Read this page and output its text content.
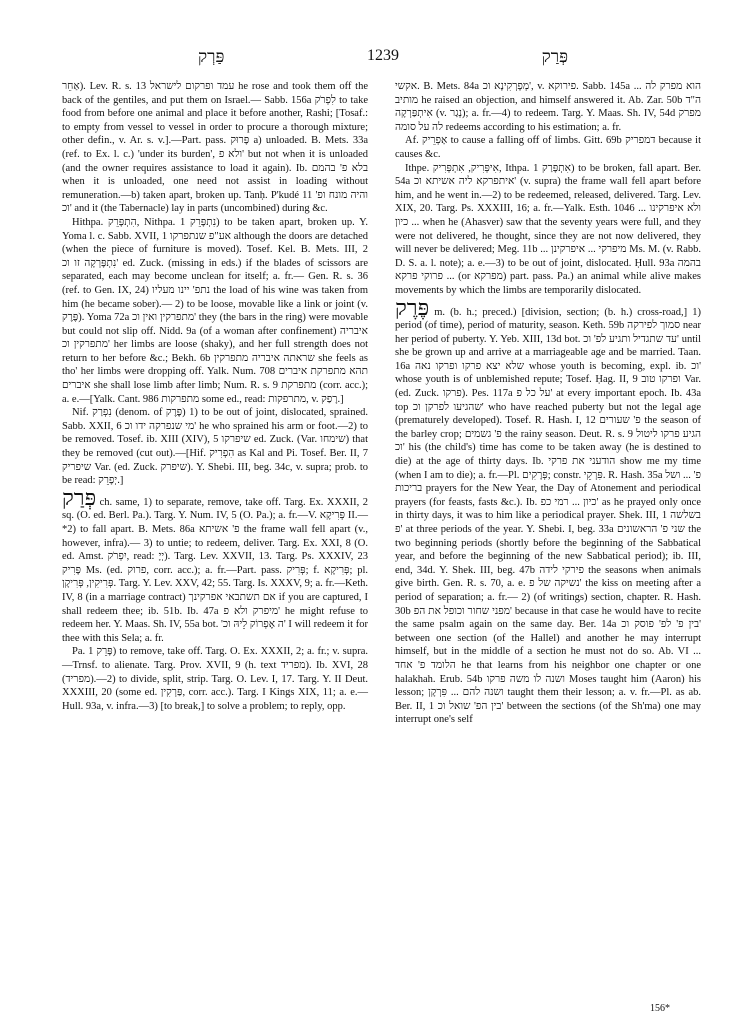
פַּרְק	1239	פְּרַק

אַחֵר). Lev. R. s. 13 עמד ופרקום לישראל he rose and took them off the back of the gentiles, and put them on Israel.— Sabb. 156a לִפְרֹק to take food from before one animal and place it before another, Rashi; [Tosaf.: to empty from vessel to vessel in order to procure a thorough mixture; other defin., v. Ar. s. v.].—Part. pass. פָּרוּק a) unloaded. B. Mets. 33a (ref. to Ex. l. c.) 'under its burden', ולא פ' but not when it is unloaded (and the owner requires assistance to load it again). Ib. בלא פ' בהמם when it is unloaded, one need not assist in loading without remuneration.—b) taken apart, broken up. Tanḥ. P'kudé 11 והיה מונח ופ' וכ' and it (the Tabernacle) lay in parts (uncombined) during &c.

Hithpa. הִתְפָּרֵק, Nithpa. נִתְפָּרֵק 1) to be taken apart, broken up. Y. Yoma l. c. Sabb. XVII, 1 אע"פ שנתפרקו although the doors are detached (when the piece of furniture is moved). Tosef. Kel. B. Mets. III, 2 נִתְפָּרְקָה זו וכ' ed. Zuck. (missing in eds.) if the blades of scissors are separated, each may become unclean for itself; a. fr.— Gen. R. s. 36 (ref. to Gen. IX, 24) נתפ' יינו מעליו the load of his wine was taken from him (he became sober).— 2) to be loose, movable like a link or joint (v. פֶּרֶק). Yoma 72a מתפרקין ואין וכ' they (the bars in the ring) were movable but could not slip off. Nidd. 9a (of a woman after confinement) איבריה מתפרקין וכ' her limbs are loose (shaky), and her full strength does not return to her before &c.; Bekh. 6b שראתה איבריה מתפרקין she feels as tho' her limbs were dropping off. Yalk. Num. 708 תהא מתפרקת איברים איברים she shall lose limb after limb; Num. R. s. 9 מתפרקת (corr. acc.); a. e.—[Yalk. Cant. 986 מתפרקות some ed., read: מתרפקות, v. רָפַק.]

Nif. נִפְרַק (denom. of פֶּרֶק) 1) to be out of joint, dislocated, sprained. Sabb. XXII, 6 מי שנפרקה ידו וכ' he who sprained his arm or foot.—2) to be removed. Tosef. ib. XIII (XIV), 5 שיפרקו ed. Zuck. (Var. שימחו) that they be removed (cut out).—[Hif. הִפְרִיק as Kal and Pi. Tosef. Ber. II, 7 שיפריק Var. (ed. Zuck. שיפרק). Y. Shebi. III, beg. 34c, v. supra; prob. to be read: יְפָרֵק.]

פְּרַק ch. same, 1) to separate, remove, take off. Targ. Ex. XXXII, 2 sq. (O. ed. Berl. Pa.). Targ. Y. Num. IV, 5 (O. Pa.); a. fr.—V. פְּרִיקָא II.—*2) to fall apart. B. Mets. 86a פ' אשיתא the frame wall fell apart (v., however, infra).— 3) to untie; to redeem, deliver. Targ. Ex. XXI, 8 (O. ed. Amst. יִפְרֹק, read: יְיָ). Targ. Lev. XXVII, 13. Targ. Ps. XXXIV, 23 פָּרִיק Ms. (ed. פרוק, corr. acc.); a. fr.—Part. pass. פְּרִיק; f. פְּרִיקָא; pl. פְּרִיקִין, פְּרִיקָן. Targ. Y. Lev. XXV, 42; 55. Targ. Is. XXXV, 9; a. fr.—Keth. IV, 8 (in a marriage contract) אם תשתבאי אפרקינך if you are captured, I shall redeem thee; ib. 51b. Ib. 47a מיפרק ולא פ' he might refuse to redeem her. Y. Maas. Sh. IV, 55a bot. 'ה אֶפְרוֹק לֵיהּ וכ' I will redeem it for thee with this Sela; a. fr.

Pa. פָּרֵק 1) to remove, take off. Targ. O. Ex. XXXII, 2; a. fr.; v. supra.—Trnsf. to alienate. Targ. Prov. XVII, 9 (h. text מפריד). Ib. XVI, 28 (מפריד).—2) to divide, split, strip. Targ. O. Lev. I, 17. Targ. Y. II Deut. XXXIII, 20 (some ed. פַּרְקִין, corr. acc.). Targ. I Kings XIX, 11; a. e.—Hull. 93a, v. infra.—3) [to break,] to solve a problem; to reply, opp.

אקשי. B. Mets. 84a מְפָרְקִינָא וכ', v. פירוקא. Sabb. 145a הוא מפרק לה ... מותיב he raised an objection, and himself answered it. Ab. Zar. 50b ה"ד אִיתְפַּרְקָה (v. נְגַר); a. fr.—4) to redeem. Targ. Y. Maas. Sh. IV, 54d מפרק לה על סומה redeems according to his estimation; a. fr.

Af. אַפְרֵיק to cause a falling off of limbs. Gitt. 69b דמפריק because it causes &c.

Ithpe. אִיפְּרִיק, אִתְפְּרִיק, Ithpa. אִתְפָּרַק 1) to be broken, fall apart. Ber. 54a איתפרקא ליה אשיתא וכ' (v. supra) the frame wall fell apart before him, and he went in.—2) to be redeemed, released, delivered. Targ. Lev. XIX, 20. Targ. Ps. XXXIII, 16; a. fr.—Yalk. Esth. 1046 ... ולא איפרקינו כיון ... when he (Ahasver) saw that the seventy years were full, and they were not delivered, he thought, since they are not now delivered, they will never be delivered; Meg. 11b ... מיפרקי ... איפרקינן Ms. M. (v. Rabb. D. S. a. l. note); a. e.—3) to be out of joint, dislocated. Ḥull. 93a בהמה ... פרוקי פרקא (or מפרקא) part. pass. Pa.) an animal while alive makes movements by which the limbs are temporarily dislocated.

פֶּרֶק m. (b. h.; preced.) [division, section; (b. h.) cross-road,] 1) period (of time), period of maturity, season. Keth. 59b סמוך לפירקה near her period of puberty. Y. Yeb. XIII, 13d bot. עד שתגדיל ותגיע לפ' וכ' until she be grown up and arrive at a marriageable age and be married. Taan. 16a שלא יצא פרקו ופרקו נאה whose youth is becoming, expl. ib. וכ' whose youth is of unblemished repute; Tosef. Ḥag. II, 9 ופרקו טוב Var. (ed. Zuck. פרקו). Pes. 117a על כל פ' at every important epoch. Ib. 43a top שהגיעו לפרקן וכ' who have reached puberty but not the legal age (prematurely developed). Tosef. R. Hash. I, 12 פ' שעורים the season of the barley crop; פ' גשמים the rainy season. Deut. R. s. 9 הגיע פרקו ליטול וכ' his (the child's) time has come to be taken away (he is destined to die) at the age of thirty days. Ib. הודעני את פרקי show me my time (when I am to die); a. fr.—Pl. פְּרָקִים; constr. פִּרְקֵי. R. Hash. 35a פ' ... ושל בריכות prayers for the New Year, the Day of Atonement and periodical prayers (for feasts, fasts &c.). Ib. כיון ... רמי כפ' as he prayed only once in thirty days, it was to him like a periodical prayer. Shek. III, 1 בשלשה פ' at three periods of the year. Y. Shebi. I, beg. 33a שני פ' הראשונים the two beginning periods (shortly before the beginning of the Sabbatical year, and before the beginning of the new Sabbatical period); ib. III, end, 34d. Y. Shek. III, beg. 47b פירקי לידה the seasons when animals give birth. Gen. R. s. 70, a. e. נשיקה של פ' the kiss on meeting after a period of separation; a. fr.— 2) (of writings) section, chapter. R. Hash. 30b מפני שחור וכופל את הפ' because in that case he would have to recite the same psalm again on the same day. Ber. 14a בין פ' לפ' פוסק וכ' between one section (of the Hallel) and another he may interrupt himself, but in the middle of a section he must not do so. Ab. VI ... הלומד פ' אחד he that learns from his neighbor one chapter or one halakhah. Erub. 54b ושנה לו משה פרקו Moses taught him (Aaron) his lesson; ושנה להם ... פִּרְקָן taught them their lesson; a. v. fr.—Pl. as ab. Ber. II, 1 בין הפ' שואל וכ' between the sections (of the Sh'ma) one may interrupt one's self

156*
